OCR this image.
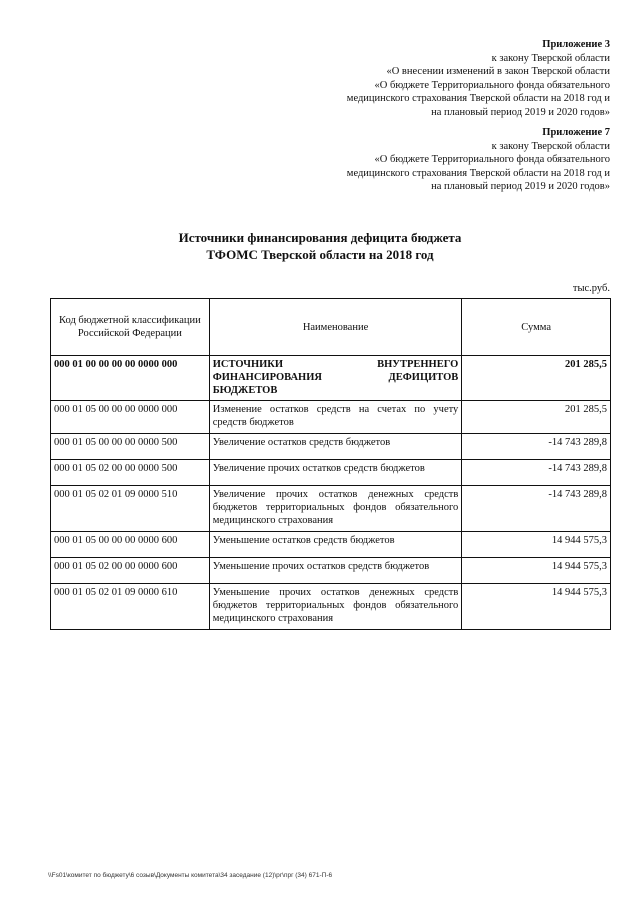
Приложение 3
к закону Тверской области
«О внесении изменений в закон Тверской области
«О бюджете Территориального фонда обязательного
медицинского страхования Тверской области на 2018 год и
на плановый период 2019 и 2020 годов»
Приложение 7
к закону Тверской области
«О бюджете Территориального фонда обязательного
медицинского страхования Тверской области на 2018 год и
на плановый период 2019 и 2020 годов»
Источники финансирования дефицита бюджета
ТФОМС Тверской области на 2018 год
тыс.руб.
Код бюджетной классификации Российской Федерации	Наименование	Сумма
000 01 00 00 00 00 0000 000	ИСТОЧНИКИ ВНУТРЕННЕГО ФИНАНСИРОВАНИЯ ДЕФИЦИТОВ БЮДЖЕТОВ	201 285,5
000 01 05 00 00 00 0000 000	Изменение остатков средств на счетах по учету средств бюджетов	201 285,5
000 01 05 00 00 00 0000 500	Увеличение остатков средств бюджетов	-14 743 289,8
000 01 05 02 00 00 0000 500	Увеличение прочих остатков средств бюджетов	-14 743 289,8
000 01 05 02 01 09 0000 510	Увеличение прочих остатков денежных средств бюджетов территориальных фондов обязательного медицинского страхования	-14 743 289,8
000 01 05 00 00 00 0000 600	Уменьшение остатков средств бюджетов	14 944 575,3
000 01 05 02 00 00 0000 600	Уменьшение прочих остатков средств бюджетов	14 944 575,3
000 01 05 02 01 09 0000 610	Уменьшение прочих остатков денежных средств бюджетов территориальных фондов обязательного медицинского страхования	14 944 575,3
\\Fs01\комитет по бюджету\6 созыв\Документы комитета\34 заседание (12)\рг\прг (34) 671-П-6
